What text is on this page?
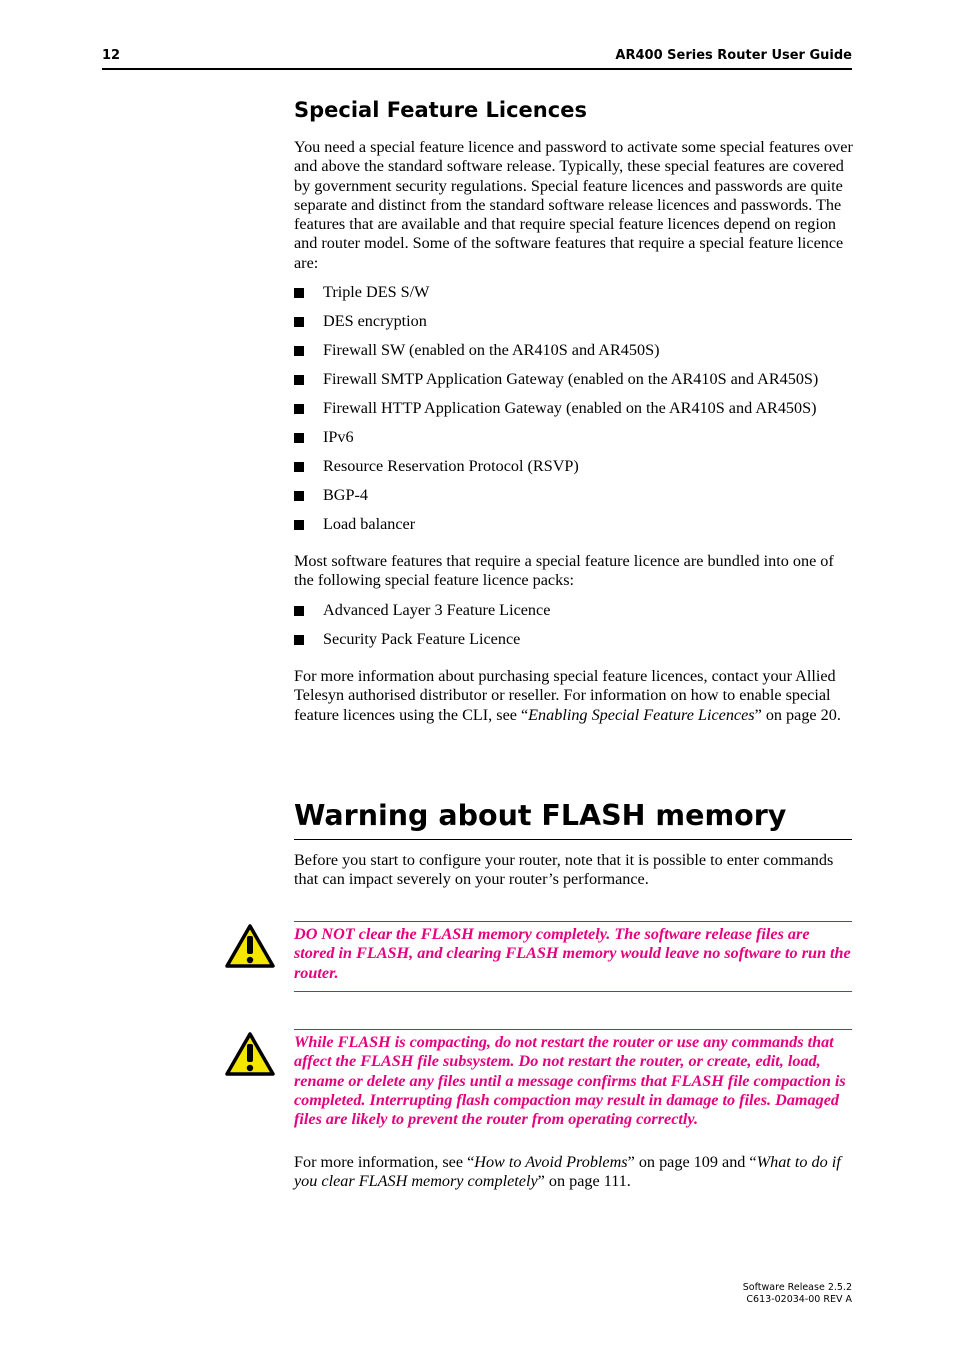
12	AR400 Series Router User Guide
Special Feature Licences

You need a special feature licence and password to activate some special features over and above the standard software release. Typically, these special features are covered by government security regulations. Special feature licences and passwords are quite separate and distinct from the standard software release licences and passwords. The features that are available and that require special feature licences depend on region and router model. Some of the software features that require a special feature licence are:

Triple DES S/W
DES encryption
Firewall SW (enabled on the AR410S and AR450S)
Firewall SMTP Application Gateway (enabled on the AR410S and AR450S)
Firewall HTTP Application Gateway (enabled on the AR410S and AR450S)
IPv6
Resource Reservation Protocol (RSVP)
BGP-4
Load balancer

Most software features that require a special feature licence are bundled into one of the following special feature licence packs:

Advanced Layer 3 Feature Licence
Security Pack Feature Licence

For more information about purchasing special feature licences, contact your Allied Telesyn authorised distributor or reseller. For information on how to enable special feature licences using the CLI, see “Enabling Special Feature Licences” on page 20.

Warning about FLASH memory

Before you start to configure your router, note that it is possible to enter commands that can impact severely on your router’s performance.

DO NOT clear the FLASH memory completely. The software release files are stored in FLASH, and clearing FLASH memory would leave no software to run the router.

While FLASH is compacting, do not restart the router or use any commands that affect the FLASH file subsystem. Do not restart the router, or create, edit, load, rename or delete any files until a message confirms that FLASH file compaction is completed. Interrupting flash compaction may result in damage to files. Damaged files are likely to prevent the router from operating correctly.

For more information, see “How to Avoid Problems” on page 109 and “What to do if you clear FLASH memory completely” on page 111.

Software Release 2.5.2
C613-02034-00 REV A
